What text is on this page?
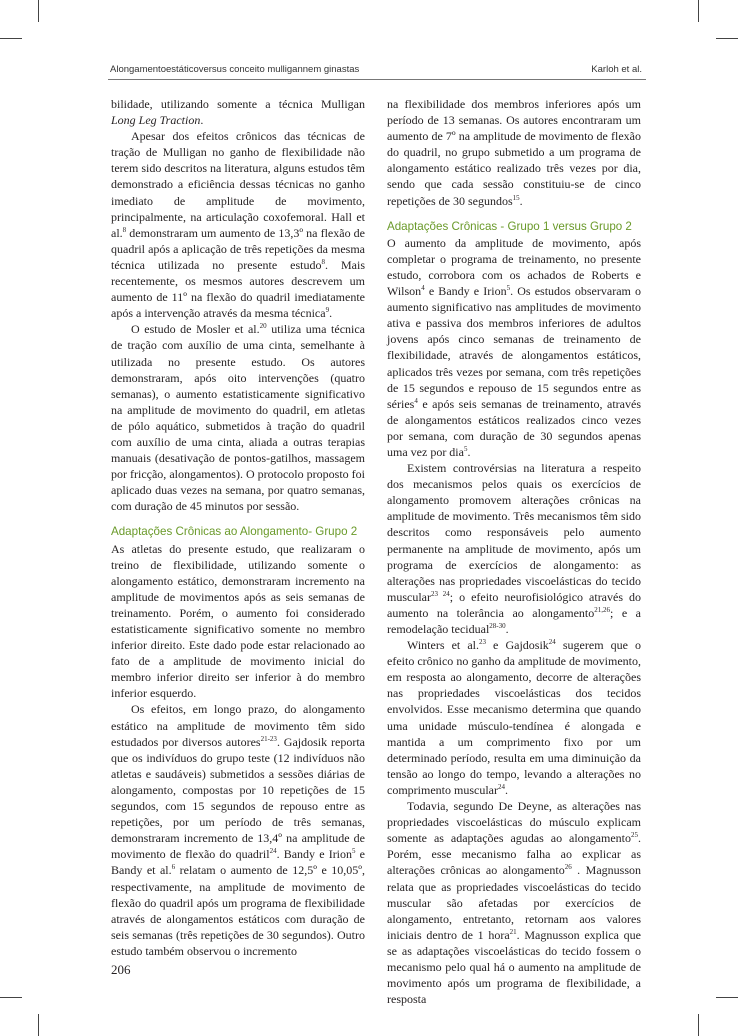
Alongamentoestáticoversus conceito mulligannem ginastas	Karloh et al.

bilidade, utilizando somente a técnica Mulligan Long Leg Traction.

Apesar dos efeitos crônicos das técnicas de tração de Mulligan no ganho de flexibilidade não terem sido descritos na literatura, alguns estudos têm demonstrado a eficiência dessas técnicas no ganho imediato de amplitude de movimento, principalmente, na articulação coxofemoral. Hall et al.$^8$ demonstraram um aumento de 13,3º na flexão de quadril após a aplicação de três repetições da mesma técnica utilizada no presente estudo$^8$. Mais recentemente, os mesmos autores descrevem um aumento de 11º na flexão do quadril imediatamente após a intervenção através da mesma técnica$^9$.

O estudo de Mosler et al.$^{20}$ utiliza uma técnica de tração com auxílio de uma cinta, semelhante à utilizada no presente estudo. Os autores demonstraram, após oito intervenções (quatro semanas), o aumento estatisticamente significativo na amplitude de movimento do quadril, em atletas de pólo aquático, submetidos à tração do quadril com auxílio de uma cinta, aliada a outras terapias manuais (desativação de pontos-gatilhos, massagem por fricção, alongamentos). O protocolo proposto foi aplicado duas vezes na semana, por quatro semanas, com duração de 45 minutos por sessão.

Adaptações Crônicas ao Alongamento- Grupo 2

As atletas do presente estudo, que realizaram o treino de flexibilidade, utilizando somente o alongamento estático, demonstraram incremento na amplitude de movimentos após as seis semanas de treinamento. Porém, o aumento foi considerado estatisticamente significativo somente no membro inferior direito. Este dado pode estar relacionado ao fato de a amplitude de movimento inicial do membro inferior direito ser inferior à do membro inferior esquerdo.

Os efeitos, em longo prazo, do alongamento estático na amplitude de movimento têm sido estudados por diversos autores$^{21-23}$. Gajdosik reporta que os indivíduos do grupo teste (12 indivíduos não atletas e saudáveis) submetidos a sessões diárias de alongamento, compostas por 10 repetições de 15 segundos, com 15 segundos de repouso entre as repetições, por um período de três semanas, demonstraram incremento de 13,4º na amplitude de movimento de flexão do quadril$^{24}$. Bandy e Irion$^5$ e Bandy et al.$^6$ relatam o aumento de 12,5º e 10,05º, respectivamente, na amplitude de movimento de flexão do quadril após um programa de flexibilidade através de alongamentos estáticos com duração de seis semanas (três repetições de 30 segundos). Outro estudo também observou o incremento

na flexibilidade dos membros inferiores após um período de 13 semanas. Os autores encontraram um aumento de 7º na amplitude de movimento de flexão do quadril, no grupo submetido a um programa de alongamento estático realizado três vezes por dia, sendo que cada sessão constituiu-se de cinco repetições de 30 segundos$^{15}$.

Adaptações Crônicas - Grupo 1 versus Grupo 2

O aumento da amplitude de movimento, após completar o programa de treinamento, no presente estudo, corrobora com os achados de Roberts e Wilson$^4$ e Bandy e Irion$^5$. Os estudos observaram o aumento significativo nas amplitudes de movimento ativa e passiva dos membros inferiores de adultos jovens após cinco semanas de treinamento de flexibilidade, através de alongamentos estáticos, aplicados três vezes por semana, com três repetições de 15 segundos e repouso de 15 segundos entre as séries$^4$ e após seis semanas de treinamento, através de alongamentos estáticos realizados cinco vezes por semana, com duração de 30 segundos apenas uma vez por dia$^5$.

Existem controvérsias na literatura a respeito dos mecanismos pelos quais os exercícios de alongamento promovem alterações crônicas na amplitude de movimento. Três mecanismos têm sido descritos como responsáveis pelo aumento permanente na amplitude de movimento, após um programa de exercícios de alongamento: as alterações nas propriedades viscoelásticas do tecido muscular$^{23 24}$; o efeito neurofisiológico através do aumento na tolerância ao alongamento$^{21,26}$; e a remodelação tecidual$^{28-30}$.

Winters et al.$^{23}$ e Gajdosik$^{24}$ sugerem que o efeito crônico no ganho da amplitude de movimento, em resposta ao alongamento, decorre de alterações nas propriedades viscoelásticas dos tecidos envolvidos. Esse mecanismo determina que quando uma unidade músculo-tendínea é alongada e mantida a um comprimento fixo por um determinado período, resulta em uma diminuição da tensão ao longo do tempo, levando a alterações no comprimento muscular$^{24}$.

Todavia, segundo De Deyne, as alterações nas propriedades viscoelásticas do músculo explicam somente as adaptações agudas ao alongamento$^{25}$. Porém, esse mecanismo falha ao explicar as alterações crônicas ao alongamento$^{26}$ . Magnusson relata que as propriedades viscoelásticas do tecido muscular são afetadas por exercícios de alongamento, entretanto, retornam aos valores iniciais dentro de 1 hora$^{21}$. Magnusson explica que se as adaptações viscoelásticas do tecido fossem o mecanismo pelo qual há o aumento na amplitude de movimento após um programa de flexibilidade, a resposta

206
